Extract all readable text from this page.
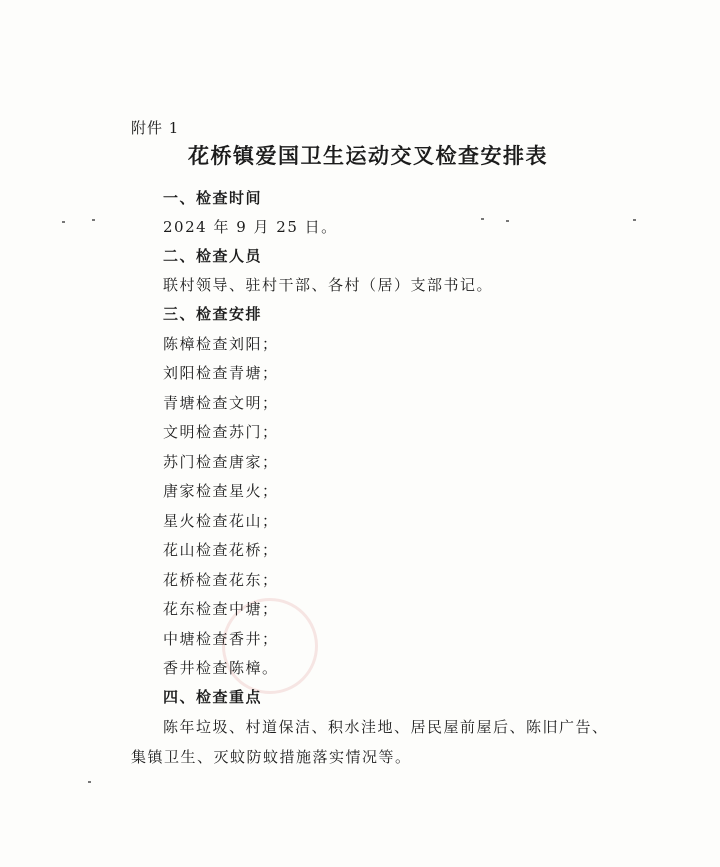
附件 1
花桥镇爱国卫生运动交叉检查安排表
一、检查时间
2024 年 9 月 25 日。
二、检查人员
联村领导、驻村干部、各村（居）支部书记。
三、检查安排
陈樟检查刘阳；
刘阳检查青塘；
青塘检查文明；
文明检查苏门；
苏门检查唐家；
唐家检查星火；
星火检查花山；
花山检查花桥；
花桥检查花东；
花东检查中塘；
中塘检查香井；
香井检查陈樟。
四、检查重点
陈年垃圾、村道保洁、积水洼地、居民屋前屋后、陈旧广告、
集镇卫生、灭蚊防蚊措施落实情况等。
